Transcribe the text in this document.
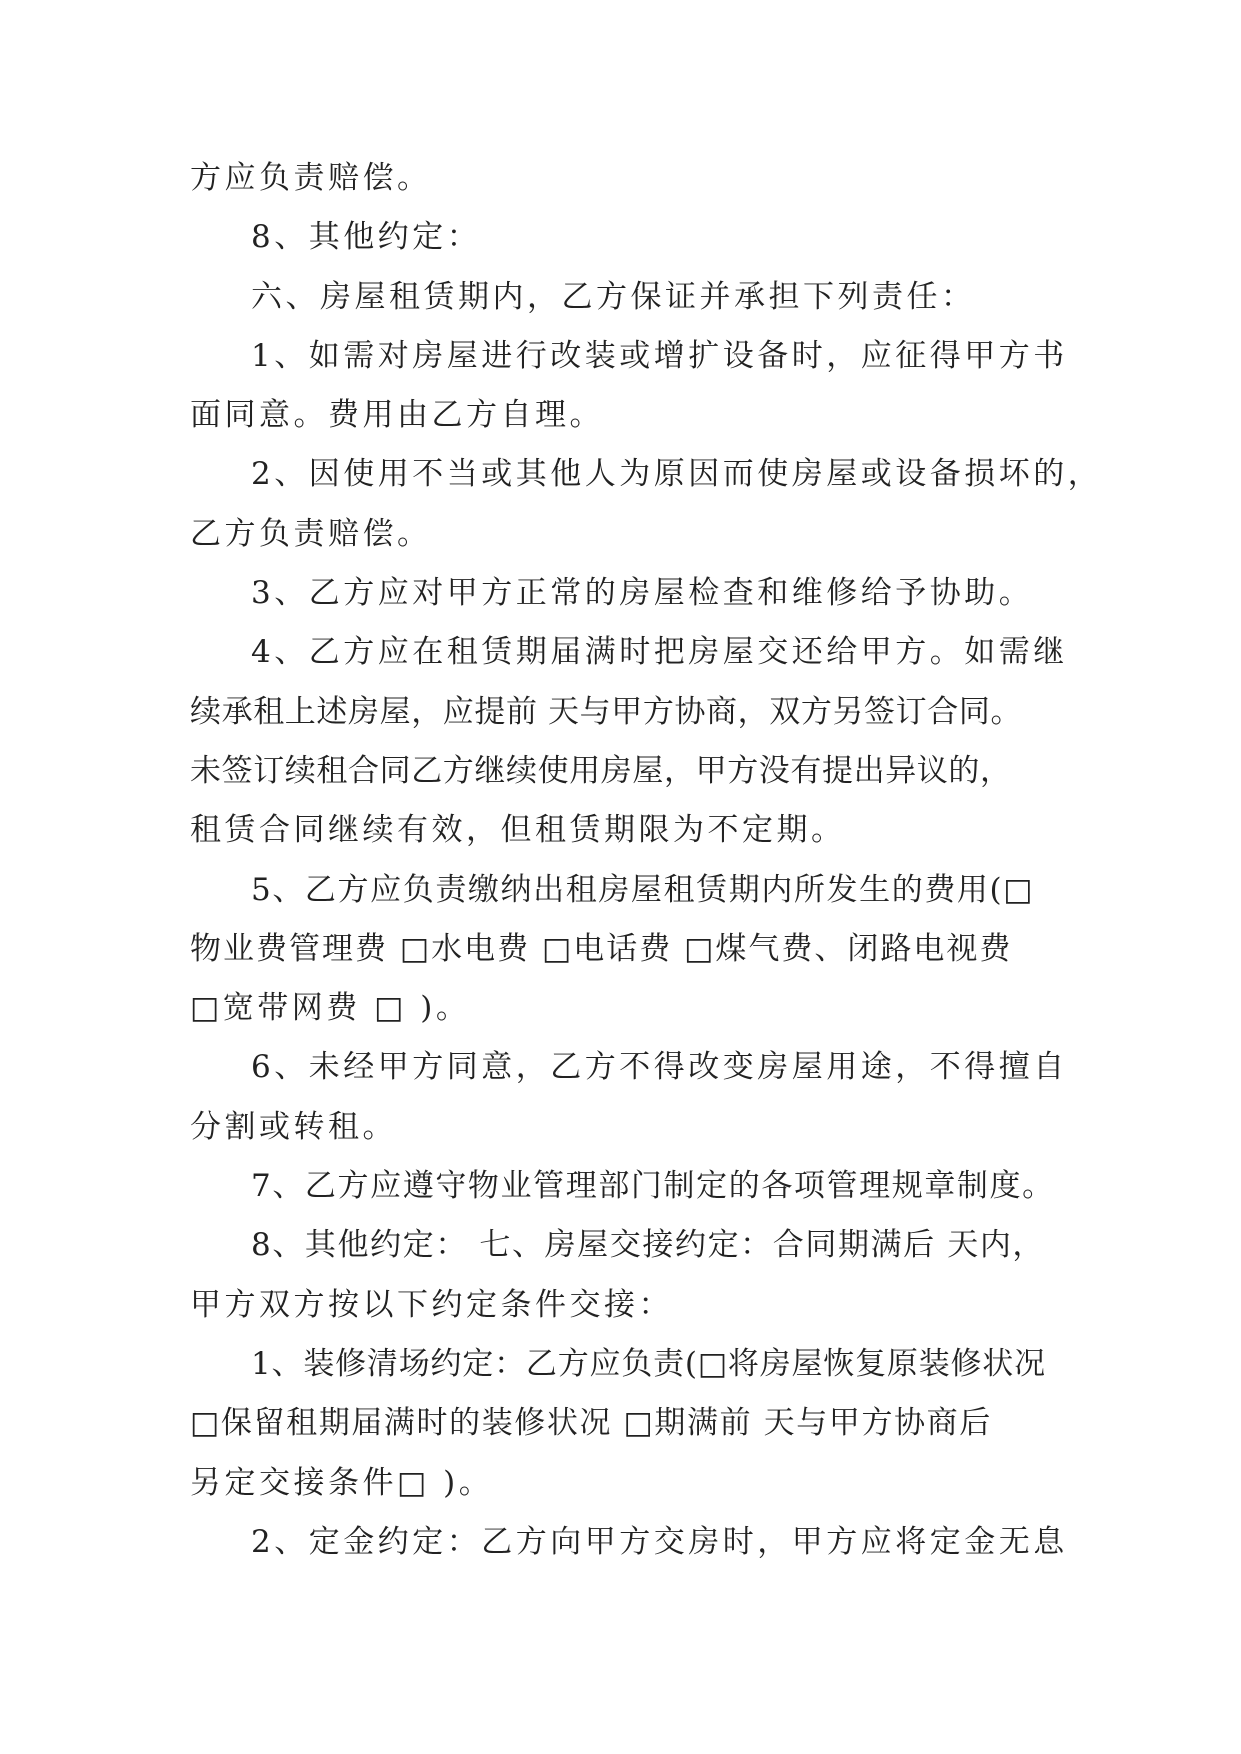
方应负责赔偿。
8、其他约定：
六、房屋租赁期内，乙方保证并承担下列责任：
1、如需对房屋进行改装或增扩设备时，应征得甲方书
面同意。费用由乙方自理。
2、因使用不当或其他人为原因而使房屋或设备损坏的，
乙方负责赔偿。
3、乙方应对甲方正常的房屋检查和维修给予协助。
4、乙方应在租赁期届满时把房屋交还给甲方。如需继
续承租上述房屋，应提前 天与甲方协商，双方另签订合同。
未签订续租合同乙方继续使用房屋，甲方没有提出异议的，
租赁合同继续有效，但租赁期限为不定期。
5、乙方应负责缴纳出租房屋租赁期内所发生的费用(□
物业费管理费 □水电费 □电话费 □煤气费、闭路电视费
□宽带网费 □ )。
6、未经甲方同意，乙方不得改变房屋用途，不得擅自
分割或转租。
7、乙方应遵守物业管理部门制定的各项管理规章制度。
8、其他约定： 七、房屋交接约定：合同期满后 天内，
甲方双方按以下约定条件交接：
1、装修清场约定：乙方应负责(□将房屋恢复原装修状况
□保留租期届满时的装修状况 □期满前 天与甲方协商后
另定交接条件□ )。
2、定金约定：乙方向甲方交房时，甲方应将定金无息
